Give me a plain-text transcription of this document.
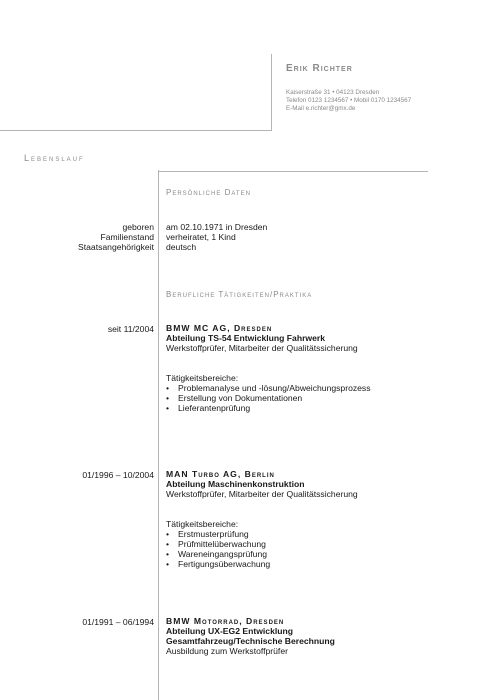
Erik Richter
Kaiserstraße 31 • 04123 Dresden
Telefon 0123 1234567 • Mobil 0170 1234567
E-Mail e.richter@gmx.de
Lebenslauf
Persönliche Daten
geboren am 02.10.1971 in Dresden
Familienstand verheiratet, 1 Kind
Staatsangehörigkeit deutsch
Berufliche Tätigkeiten/Praktika
seit 11/2004 BMW MC AG, Dresden
Abteilung TS-54 Entwicklung Fahrwerk
Werkstoffprüfer, Mitarbeiter der Qualitätssicherung
Tätigkeitsbereiche:
• Problemanalyse und -lösung/Abweichungsprozess
• Erstellung von Dokumentationen
• Lieferantenprüfung
01/1996 – 10/2004 MAN Turbo AG, Berlin
Abteilung Maschinenkonstruktion
Werkstoffprüfer, Mitarbeiter der Qualitätssicherung
Tätigkeitsbereiche:
• Erstmusterprüfung
• Prüfmittelüberwachung
• Wareneingangsprüfung
• Fertigungsüberwachung
01/1991 – 06/1994 BMW Motorrad, Dresden
Abteilung UX-EG2 Entwicklung
Gesamtfahrzeug/Technische Berechnung
Ausbildung zum Werkstoffprüfer
